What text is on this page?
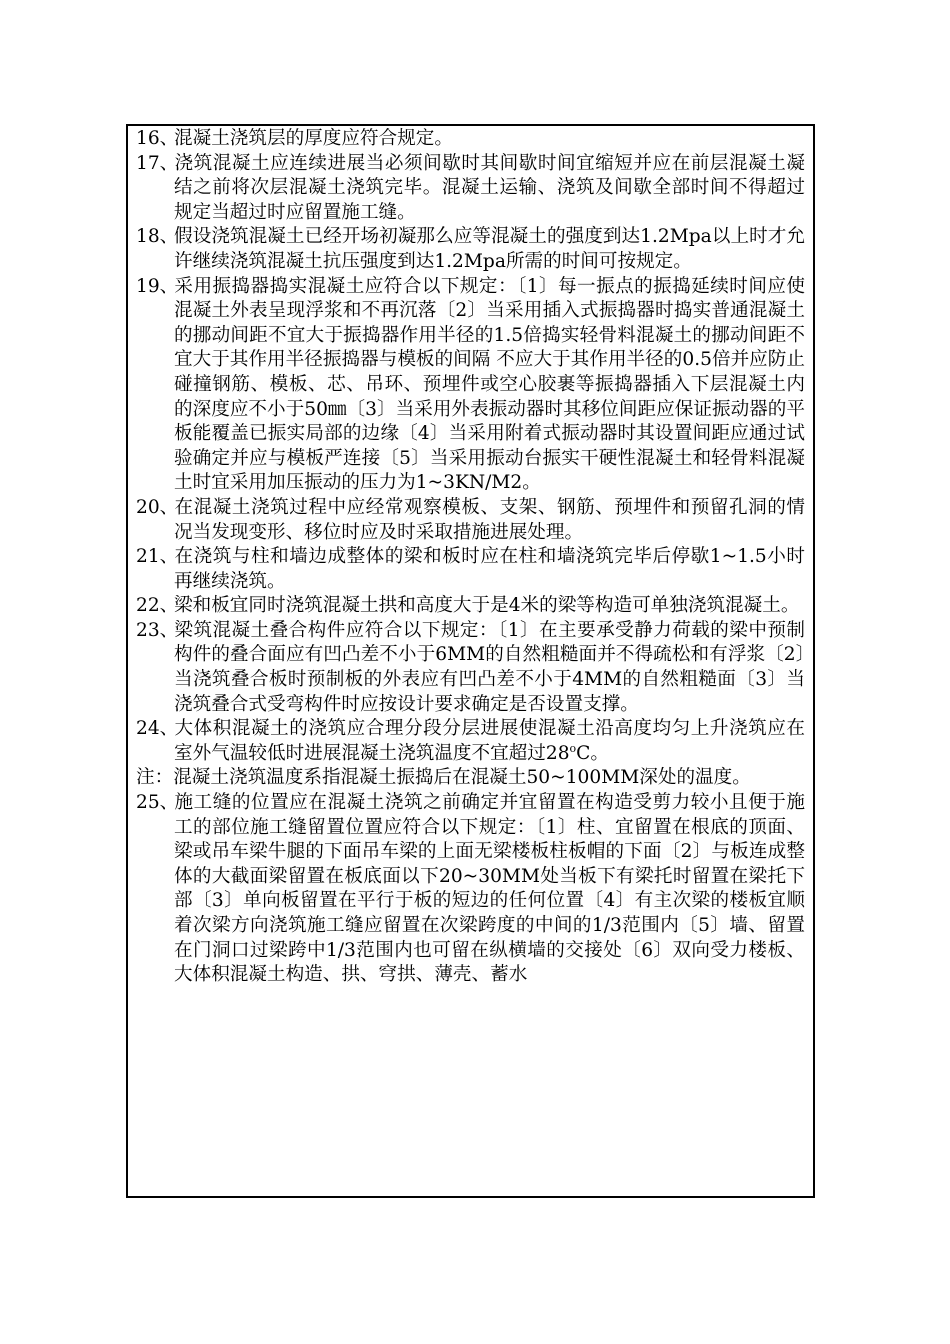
16、混凝土浇筑层的厚度应符合规定。
17、浇筑混凝土应连续进展当必须间歇时其间歇时间宜缩短并应在前层混凝土凝结之前将次层混凝土浇筑完毕。混凝土运输、浇筑及间歇全部时间不得超过规定当超过时应留置施工缝。
18、假设浇筑混凝土已经开场初凝那么应等混凝土的强度到达1.2Mpa以上时才允许继续浇筑混凝土抗压强度到达1.2Mpa所需的时间可按规定。
19、采用振捣器捣实混凝土应符合以下规定：〔1〕每一振点的振捣延续时间应使混凝土外表呈现浮浆和不再沉落〔2〕当采用插入式振捣器时捣实普通混凝土的挪动间距不宜大于振捣器作用半径的1.5倍捣实轻骨料混凝土的挪动间距不宜大于其作用半径振捣器与模板的间隔 不应大于其作用半径的0.5倍并应防止碰撞钢筋、模板、芯、吊环、预埋件或空心胶裹等振捣器插入下层混凝土内的深度应不小于50㎜〔3〕当采用外表振动器时其移位间距应保证振动器的平板能覆盖已振实局部的边缘〔4〕当采用附着式振动器时其设置间距应通过试验确定并应与模板严连接〔5〕当采用振动台振实干硬性混凝土和轻骨料混凝土时宜采用加压振动的压力为1~3KN/M2。
20、在混凝土浇筑过程中应经常观察模板、支架、钢筋、预埋件和预留孔洞的情况当发现变形、移位时应及时采取措施进展处理。
21、在浇筑与柱和墙边成整体的梁和板时应在柱和墙浇筑完毕后停歇1~1.5小时再继续浇筑。
22、梁和板宜同时浇筑混凝土拱和高度大于是4米的梁等构造可单独浇筑混凝土。
23、梁筑混凝土叠合构件应符合以下规定：〔1〕在主要承受静力荷载的梁中预制构件的叠合面应有凹凸差不小于6MM的自然粗糙面并不得疏松和有浮浆〔2〕当浇筑叠合板时预制板的外表应有凹凸差不小于4MM的自然粗糙面〔3〕当浇筑叠合式受弯构件时应按设计要求确定是否设置支撑。
24、大体积混凝土的浇筑应合理分段分层进展使混凝土沿高度均匀上升浇筑应在室外气温较低时进展混凝土浇筑温度不宜超过28$^o$C。
注：混凝土浇筑温度系指混凝土振捣后在混凝土50~100MM深处的温度。
25、施工缝的位置应在混凝土浇筑之前确定并宜留置在构造受剪力较小且便于施工的部位施工缝留置位置应符合以下规定：〔1〕柱、宜留置在根底的顶面、梁或吊车梁牛腿的下面吊车梁的上面无梁楼板柱板帽的下面〔2〕与板连成整体的大截面梁留置在板底面以下20~30MM处当板下有梁托时留置在梁托下部〔3〕单向板留置在平行于板的短边的任何位置〔4〕有主次梁的楼板宜顺着次梁方向浇筑施工缝应留置在次梁跨度的中间的1/3范围内〔5〕墙、留置在门洞口过梁跨中1/3范围内也可留在纵横墙的交接处〔6〕双向受力楼板、大体积混凝土构造、拱、穹拱、薄壳、蓄水
